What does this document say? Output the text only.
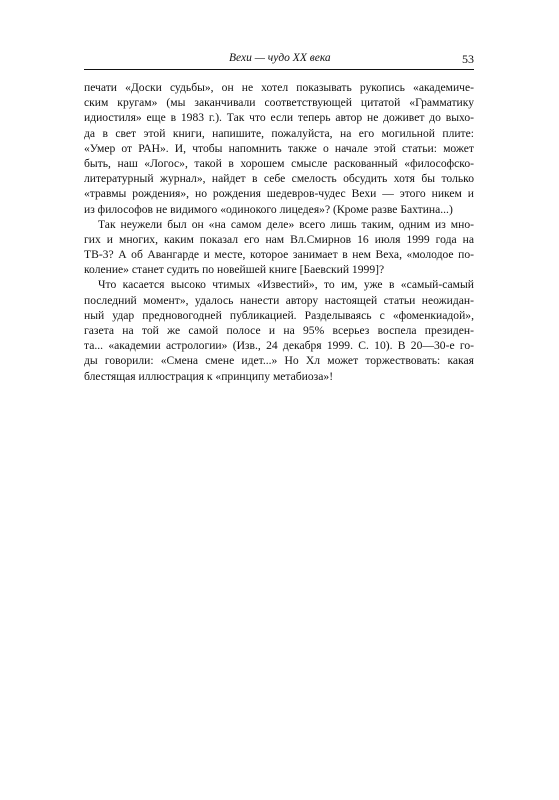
Вехи — чудо XX века	53
печати «Доски судьбы», он не хотел показывать рукопись «академиче-
ским кругам» (мы заканчивали соответствующей цитатой «Грамматику
идиостиля» еще в 1983 г.). Так что если теперь автор не доживет до выхо-
да в свет этой книги, напишите, пожалуйста, на его могильной плите:
«Умер от РАН». И, чтобы напомнить также о начале этой статьи: может
быть, наш «Логос», такой в хорошем смысле раскованный «философско-
литературный журнал», найдет в себе смелость обсудить хотя бы только
«травмы рождения», но рождения шедевров-чудес Вехи — этого никем и
из философов не видимого «одинокого лицедея»? (Кроме разве Бахтина...)
Так неужели был он «на самом деле» всего лишь таким, одним из мно-
гих и многих, каким показал его нам Вл.Смирнов 16 июля 1999 года на
ТВ-3? А об Авангарде и месте, которое занимает в нем Веха, «молодое по-
коление» станет судить по новейшей книге [Баевский 1999]?
Что касается высоко чтимых «Известий», то им, уже в «самый-самый
последний момент», удалось нанести автору настоящей статьи неожидан-
ный удар предновогодней публикацией. Разделываясь с «фоменкиадой»,
газета на той же самой полосе и на 95% всерьез воспела президен-
та... «академии астрологии» (Изв., 24 декабря 1999. С. 10). В 20—30-е го-
ды говорили: «Смена смене идет...» Но Хл может торжествовать: какая
блестящая иллюстрация к «принципу метабиоза»!
